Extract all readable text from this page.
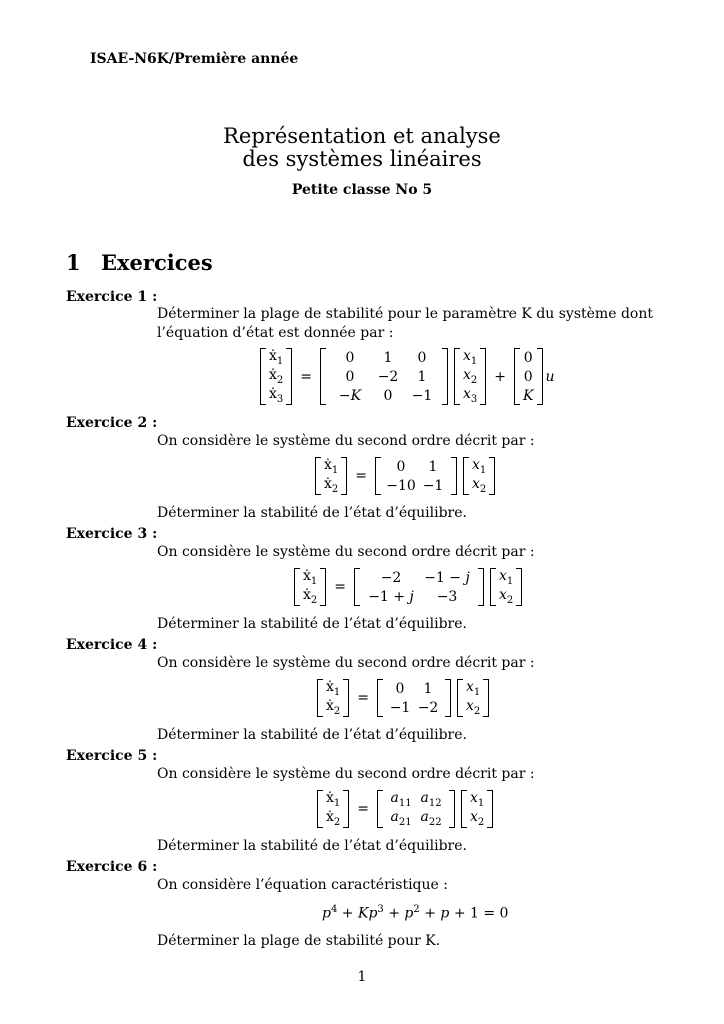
ISAE-N6K/Première année
Représentation et analyse
des systèmes linéaires
Petite classe No 5
1 Exercices
Exercice 1 :
Déterminer la plage de stabilité pour le paramètre K du système dont l’équation d’état est donnée par :
ẋ$_1$
ẋ$_2$
ẋ$_3$
=
0	1	0
0	−2	1
−K	0	−1
$x_1$
$x_2$
$x_3$
+
0
0
K
u
Exercice 2 :
On considère le système du second ordre décrit par :
ẋ$_1$
ẋ$_2$
=
0	1
−10 −1
$x_1$
$x_2$
Déterminer la stabilité de l’état d’équilibre.
Exercice 3 :
On considère le système du second ordre décrit par :
ẋ$_1$
ẋ$_2$
=
−2	−1 − j
−1 + j	−3
$x_1$
$x_2$
Déterminer la stabilité de l’état d’équilibre.
Exercice 4 :
On considère le système du second ordre décrit par :
ẋ$_1$
ẋ$_2$
=
0	1
−1 −2
$x_1$
$x_2$
Déterminer la stabilité de l’état d’équilibre.
Exercice 5 :
On considère le système du second ordre décrit par :
ẋ$_1$
ẋ$_2$
=
$a_{11}$ $a_{12}$
$a_{21}$ $a_{22}$
$x_1$
$x_2$
Déterminer la stabilité de l’état d’équilibre.
Exercice 6 :
On considère l’équation caractéristique :
$p^4 + Kp^3 + p^2 + p + 1 = 0$
Déterminer la plage de stabilité pour K.
1
